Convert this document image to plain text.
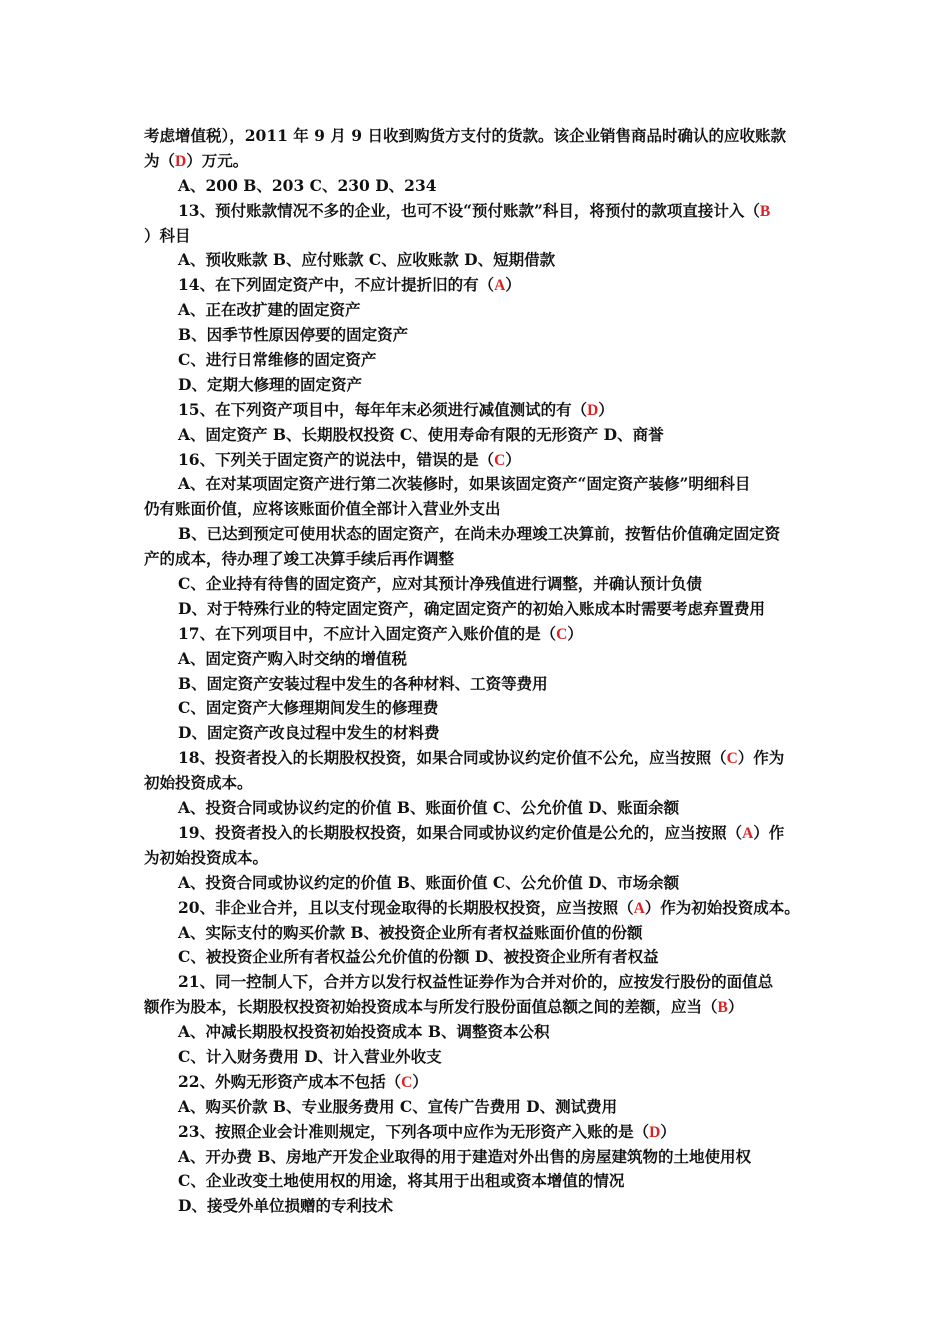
考虑增值税），2011 年 9 月 9 日收到购货方支付的货款。该企业销售商品时确认的应收账款
为（D）万元。
A、200 B、203 C、230 D、234
13、预付账款情况不多的企业，也可不设“预付账款”科目，将预付的款项直接计入（B
）科目
A、预收账款 B、应付账款 C、应收账款 D、短期借款
14、在下列固定资产中，不应计提折旧的有（A）
A、正在改扩建的固定资产
B、因季节性原因停要的固定资产
C、进行日常维修的固定资产
D、定期大修理的固定资产
15、在下列资产项目中，每年年末必须进行减值测试的有（D）
A、固定资产 B、长期股权投资 C、使用寿命有限的无形资产 D、商誉
16、下列关于固定资产的说法中，错误的是（C）
A、在对某项固定资产进行第二次装修时，如果该固定资产“固定资产装修”明细科目
仍有账面价值，应将该账面价值全部计入营业外支出
B、已达到预定可使用状态的固定资产，在尚未办理竣工决算前，按暂估价值确定固定资
产的成本，待办理了竣工决算手续后再作调整
C、企业持有待售的固定资产，应对其预计净残值进行调整，并确认预计负债
D、对于特殊行业的特定固定资产，确定固定资产的初始入账成本时需要考虑弃置费用
17、在下列项目中，不应计入固定资产入账价值的是（C）
A、固定资产购入时交纳的增值税
B、固定资产安装过程中发生的各种材料、工资等费用
C、固定资产大修理期间发生的修理费
D、固定资产改良过程中发生的材料费
18、投资者投入的长期股权投资，如果合同或协议约定价值不公允，应当按照（C）作为
初始投资成本。
A、投资合同或协议约定的价值 B、账面价值 C、公允价值 D、账面余额
19、投资者投入的长期股权投资，如果合同或协议约定价值是公允的，应当按照（A）作
为初始投资成本。
A、投资合同或协议约定的价值 B、账面价值 C、公允价值 D、市场余额
20、非企业合并，且以支付现金取得的长期股权投资，应当按照（A）作为初始投资成本。
A、实际支付的购买价款 B、被投资企业所有者权益账面价值的份额
C、被投资企业所有者权益公允价值的份额 D、被投资企业所有者权益
21、同一控制人下，合并方以发行权益性证券作为合并对价的，应按发行股份的面值总
额作为股本，长期股权投资初始投资成本与所发行股份面值总额之间的差额，应当（B）
A、冲减长期股权投资初始投资成本 B、调整资本公积
C、计入财务费用 D、计入营业外收支
22、外购无形资产成本不包括（C）
A、购买价款 B、专业服务费用 C、宣传广告费用 D、测试费用
23、按照企业会计准则规定，下列各项中应作为无形资产入账的是（D）
A、开办费 B、房地产开发企业取得的用于建造对外出售的房屋建筑物的土地使用权
C、企业改变土地使用权的用途，将其用于出租或资本增值的情况
D、接受外单位损赠的专利技术
